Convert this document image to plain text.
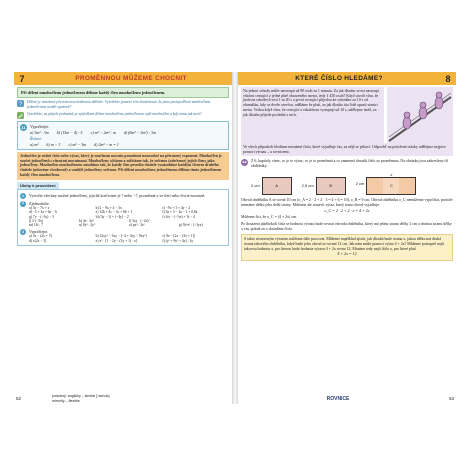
7	PROMĚNNOU MŮŽEME CHOCNIT
Při dělení mnohočlenu jednočlenem dělíme každý člen mnohočlenu jednočlenem.
? Dělení je násobení převrácenou hodnotou dělitele. Vysvětlete pomocí této skutečnosti, že jsme postup dělení mnohočlenu jednočlenem uvedli správně?

Vysvětlete, za jakých podmínek je výsledkem dělení mnohočlenu jednočlenem opět mnohočlen a kdy tomu tak není?

11	Vypočítejte.
a) 3m² : 3m b) (15m − 4) : 5 c) m² − 2m³ : m d) (6m² − 3m²) : 3m
Řešení:
a) m² b) m − 3 c) m² − 3m d) 2m² − m = 1
Jednočlen je rodné číslo nebo výraz, který je součinem mocnin proměnné umocněné na přirozený exponent. Mnohočlen je součet jednočlenů s různými mocninami. Mnohočleny sčítáme a odčítáme tak, že sečteme (odečteme) jejich členy jako jednočleny. Mnohočlen mnohočlenem násobíme tak, že každý člen prvního činitele vynásobíme každým členem druhého činitele (mluvíme všeobecně) a vzniklé jednočleny sečteme. Při dělení mnohočlenu jednočlenem dělíme tímto jednočlenem každý člen mnohočlenu.
Úlohy k procvičení
1	Vytvořte všechny možné jednočleny, jejichž koeficient je 7 nebo −7, proměnná x ve třetí nebo čtvrté mocnině.
2	Zjednodušte.
a) 5x − 7x + x	b) 2 − 9x + 4 − 3x	c) −9c + 3 + 4y − 2
d) −5 + 3a + 6a − 6	e) 12b + 4c − 3c + 6b + 1	f) 5a + 3 − 2a − 1 + 0,8a
g) 7y − (−3y) − 3	h) (3y − 1) + (−4y) − 2	i) ¾x − (−½x) + ⅝ − 4
j) 2·(−3x)	k) 4e · 2e²	l) 3xy · (−2x)²
m) 14t : 7	n) 8y³ : 2y²	o) pz³ : 3z²	p) 9y³z² : (−3yz)
3	Vypočítejte.
a) 3x − (2x + 5)	b) 12xy² − 3xy − (−4 + 3xy − 9xy²)	c) 9x − [2x − (3x + 1)]
d) x(2x − 3)	e) x² · [1 − 2y − (3y + 1) · x]	f) (y² + 9y² + 4y) : 2y
52	podobný: anglicky – similar [ˈsɪmɪlə]
mimořiy – flexible
KTERÉ ČÍSLO HLEDÁME?	8
Na jednoi schody může nastoupit až 90 osob za 1 minutu. Za jak dlouho se mi nastoupí všichni cestující z jedné plně obsazeného metra, tedy 1 450 osob? Když utvoří vlnu, že jízda na schodech trvá 1 m 20 s a první cestující přijedou ke schodům za 10 s od okamžiku, kdy se dveře otevřou, uděláme že platí, za jak dlouho tito lidé opustí stanici metra. Vedou když vlnu, že cestující z eskalátoru vystupují už 10 s, udělejme tatéž, za jak dlouho přijede poslední z nich.
Ve všech případech hledáme neznámé číslo, které vyjadřuje čas, za nějž se přitaví. Odpověď na položené otázky udělejme nejprve pomocí výrazu – a rovnicemi.
Z 6. kapitoly víme, co je to výraz, co je to proměnná a co znamená dosadit číslo za proměnnou. Na obrázku jsou zakresleny tři obdélníky.
2 cm	A	2,5 cm	B	2 cm
x
C
Obvod obdélníku A se rovná 10 cm (o_A = 2 · 2 + 2 · 3 = 4 + 6 = 10), o_B = 9 cm. Obvod obdélníku o_C nemůžeme vypočítat, protože neznáme délku jeho delší strany. Můžeme ale sestavit výraz, který tento obvod vyjadřuje:
o_C = 2 · 2 + 2 · x = 4 + 2x
Můžeme říct, že o_C = (4 + 2x) cm.
Po dosazení jakéhokoli čísla se hodnota výrazu bude rovnat obvodu obdélníku, který má jednu stranu délky 2 cm a druhou stranu délky x cm, pokud za x dosadíme číslo.
S takto sestaveným výrazem můžeme dále pracovat. Můžeme například zjistit, jak dlouhá bude strana x, jakou délku má druhá strana takového obdélníku, když bude jeho obvod se rovnal 12 cm. Jak nám může pomoci výraz 4 + 2x? Můžeme postupně najít takovou hodnotu x, pro kterou bude hodnota výrazu 4 + 2x rovna 12. Musíme tedy najít číslo x, pro které platí
4 + 2x = 12
ROVNICE	53
